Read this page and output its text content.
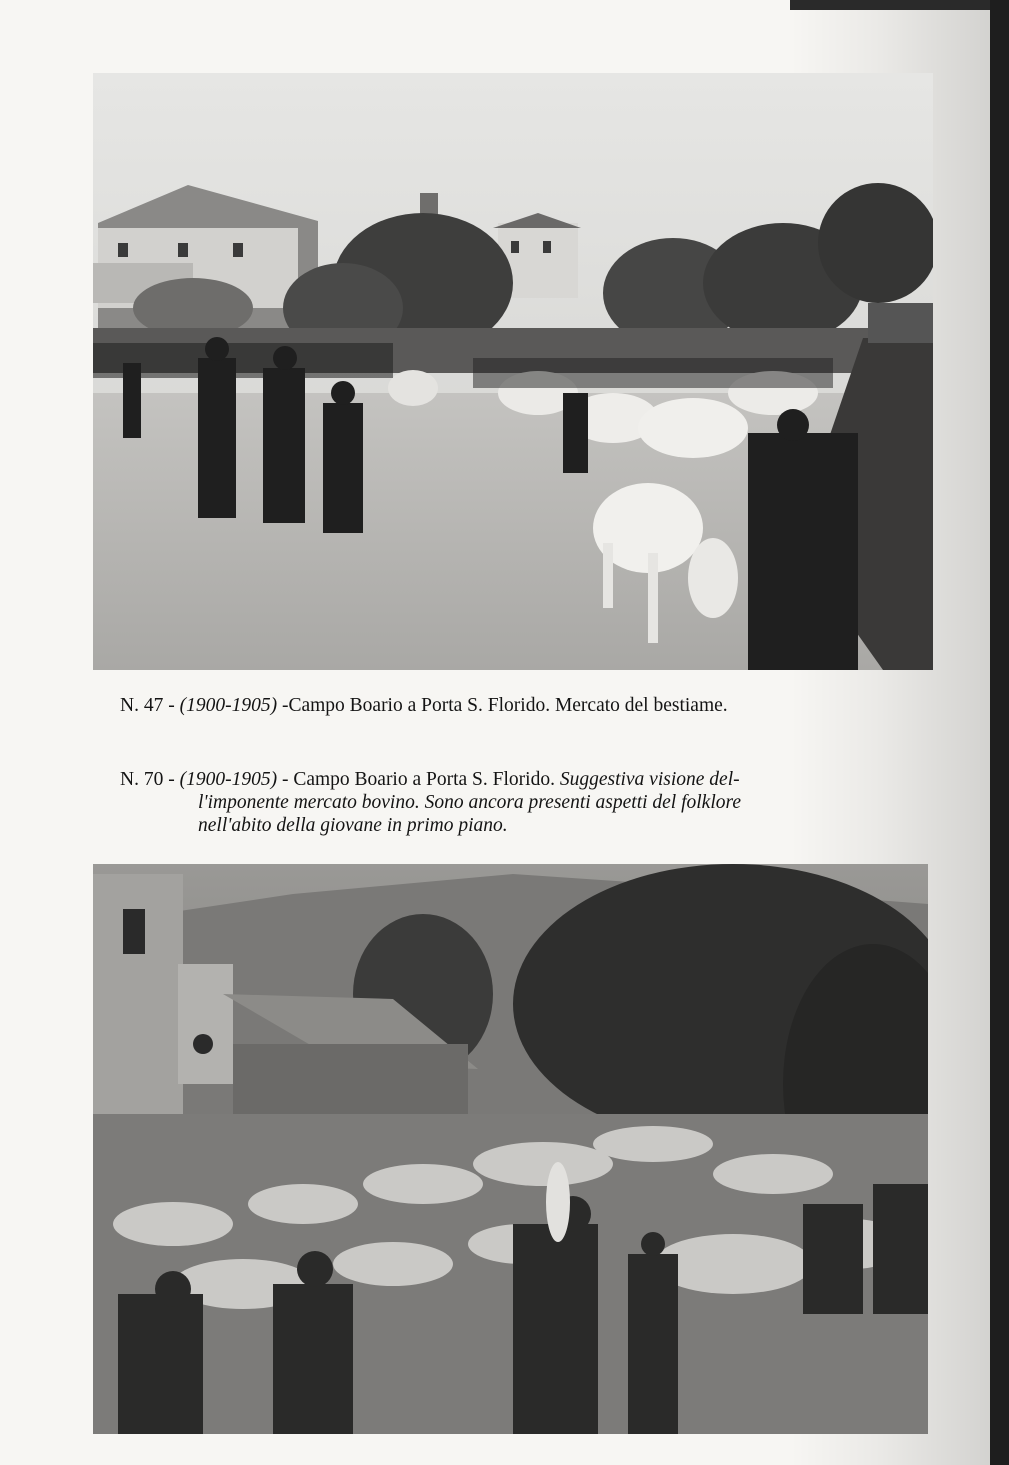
N. 47 - (1900-1905) -Campo Boario a Porta S. Florido. Mercato del bestiame.
N. 70 - (1900-1905) - Campo Boario a Porta S. Florido. Suggestiva visione del-
l'imponente mercato bovino. Sono ancora presenti aspetti del folklore
nell'abito della giovane in primo piano.
